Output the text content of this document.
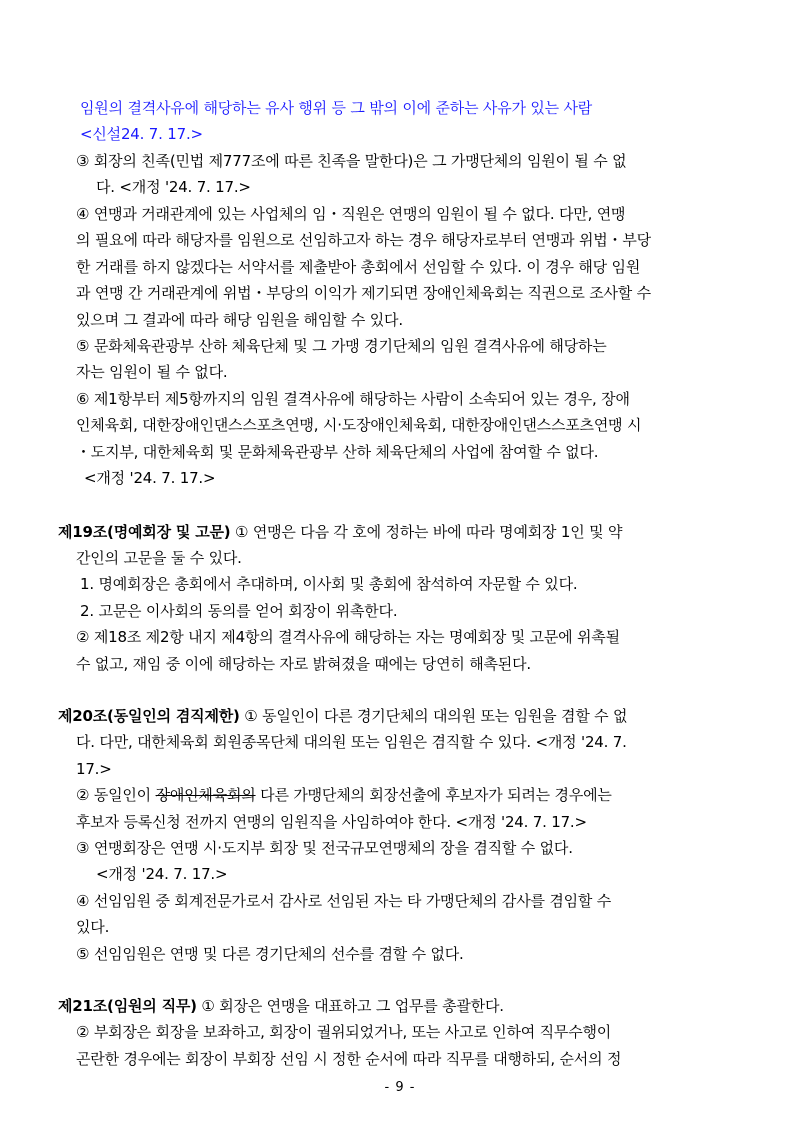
임원의 결격사유에 해당하는 유사 행위 등 그 밖의 이에 준하는 사유가 있는 사람
<신설24. 7. 17.>
③ 회장의 친족(민법 제777조에 따른 친족을 말한다)은 그 가맹단체의 임원이 될 수 없
다. <개정 '24. 7. 17.>
④ 연맹과 거래관계에 있는 사업체의 임・직원은 연맹의 임원이 될 수 없다. 다만, 연맹
의 필요에 따라 해당자를 임원으로 선임하고자 하는 경우 해당자로부터 연맹과 위법・부당
한 거래를 하지 않겠다는 서약서를 제출받아 총회에서 선임할 수 있다. 이 경우 해당 임원
과 연맹 간 거래관계에 위법・부당의 이익가 제기되면 장애인체육회는 직권으로 조사할 수
있으며 그 결과에 따라 해당 임원을 해임할 수 있다.
⑤ 문화체육관광부 산하 체육단체 및 그 가맹 경기단체의 임원 결격사유에 해당하는
자는 임원이 될 수 없다.
⑥ 제1항부터 제5항까지의 임원 결격사유에 해당하는 사람이 소속되어 있는 경우, 장애
인체육회, 대한장애인댄스스포츠연맹, 시·도장애인체육회, 대한장애인댄스스포츠연맹 시
・도지부, 대한체육회 및 문화체육관광부 산하 체육단체의 사업에 참여할 수 없다.
<개정 '24. 7. 17.>
제19조(명예회장 및 고문) ① 연맹은 다음 각 호에 정하는 바에 따라 명예회장 1인 및 약
간인의 고문을 둘 수 있다.
1. 명예회장은 총회에서 추대하며, 이사회 및 총회에 참석하여 자문할 수 있다.
2. 고문은 이사회의 동의를 얻어 회장이 위촉한다.
② 제18조 제2항 내지 제4항의 결격사유에 해당하는 자는 명예회장 및 고문에 위촉될
수 없고, 재임 중 이에 해당하는 자로 밝혀졌을 때에는 당연히 해촉된다.
제20조(동일인의 겸직제한) ① 동일인이 다른 경기단체의 대의원 또는 임원을 겸할 수 없
다. 다만, 대한체육회 회원종목단체 대의원 또는 임원은 겸직할 수 있다. <개정 '24. 7.
17.>
② 동일인이 장애인체육회의 다른 가맹단체의 회장선출에 후보자가 되려는 경우에는
후보자 등록신청 전까지 연맹의 임원직을 사임하여야 한다. <개정 '24. 7. 17.>
③ 연맹회장은 연맹 시·도지부 회장 및 전국규모연맹체의 장을 겸직할 수 없다.
<개정 '24. 7. 17.>
④ 선임임원 중 회계전문가로서 감사로 선임된 자는 타 가맹단체의 감사를 겸임할 수
있다.
⑤ 선임임원은 연맹 및 다른 경기단체의 선수를 겸할 수 없다.
제21조(임원의 직무) ① 회장은 연맹을 대표하고 그 업무를 총괄한다.
② 부회장은 회장을 보좌하고, 회장이 궐위되었거나, 또는 사고로 인하여 직무수행이
곤란한 경우에는 회장이 부회장 선임 시 정한 순서에 따라 직무를 대행하되, 순서의 정
- 9 -
